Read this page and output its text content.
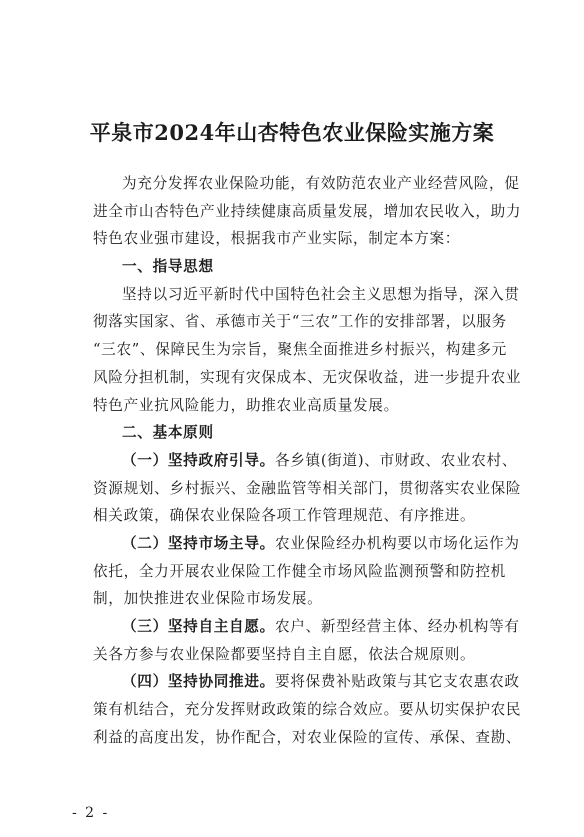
平泉市2024年山杏特色农业保险实施方案
为充分发挥农业保险功能，有效防范农业产业经营风险，促
进全市山杏特色产业持续健康高质量发展，增加农民收入，助力
特色农业强市建设，根据我市产业实际，制定本方案：
一、指导思想
坚持以习近平新时代中国特色社会主义思想为指导，深入贯
彻落实国家、省、承德市关于“三农”工作的安排部署，以服务
“三农”、保障民生为宗旨，聚焦全面推进乡村振兴，构建多元
风险分担机制，实现有灾保成本、无灾保收益，进一步提升农业
特色产业抗风险能力，助推农业高质量发展。
二、基本原则
（一）坚持政府引导。各乡镇(街道)、市财政、农业农村、
资源规划、乡村振兴、金融监管等相关部门，贯彻落实农业保险
相关政策，确保农业保险各项工作管理规范、有序推进。
（二）坚持市场主导。农业保险经办机构要以市场化运作为
依托，全力开展农业保险工作健全市场风险监测预警和防控机
制，加快推进农业保险市场发展。
（三）坚持自主自愿。农户、新型经营主体、经办机构等有
关各方参与农业保险都要坚持自主自愿，依法合规原则。
（四）坚持协同推进。要将保费补贴政策与其它支农惠农政
策有机结合，充分发挥财政政策的综合效应。要从切实保护农民
利益的高度出发，协作配合，对农业保险的宣传、承保、查勘、
- 2 -
